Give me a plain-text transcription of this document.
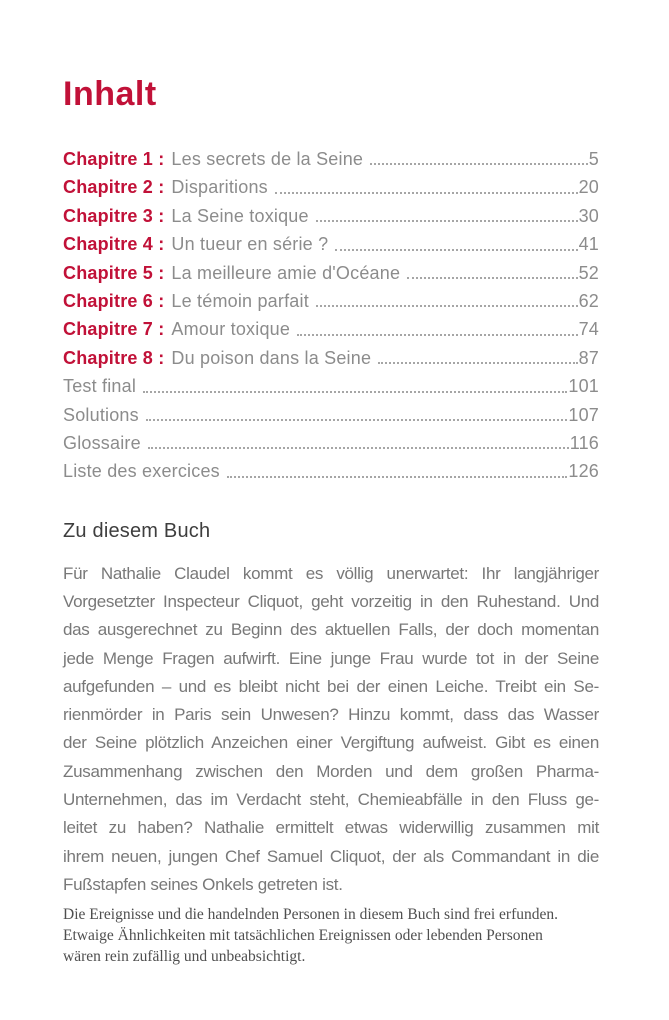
Inhalt
Chapitre 1 : Les secrets de la Seine	5
Chapitre 2 : Disparitions	20
Chapitre 3 : La Seine toxique	30
Chapitre 4 : Un tueur en série ?	41
Chapitre 5 : La meilleure amie d'Océane	52
Chapitre 6 : Le témoin parfait	62
Chapitre 7 : Amour toxique	74
Chapitre 8 : Du poison dans la Seine	87
Test final	101
Solutions	107
Glossaire	116
Liste des exercices	126
Zu diesem Buch
Für Nathalie Claudel kommt es völlig unerwartet: Ihr langjähriger
Vorgesetzter Inspecteur Cliquot, geht vorzeitig in den Ruhestand. Und
das ausgerechnet zu Beginn des aktuellen Falls, der doch momentan
jede Menge Fragen aufwirft. Eine junge Frau wurde tot in der Seine
aufgefunden – und es bleibt nicht bei der einen Leiche. Treibt ein Se-
rienmörder in Paris sein Unwesen? Hinzu kommt, dass das Wasser
der Seine plötzlich Anzeichen einer Vergiftung aufweist. Gibt es einen
Zusammenhang zwischen den Morden und dem großen Pharma-
Unternehmen, das im Verdacht steht, Chemieabfälle in den Fluss ge-
leitet zu haben? Nathalie ermittelt etwas widerwillig zusammen mit
ihrem neuen, jungen Chef Samuel Cliquot, der als Commandant in die
Fußstapfen seines Onkels getreten ist.
Die Ereignisse und die handelnden Personen in diesem Buch sind frei erfunden.
Etwaige Ähnlichkeiten mit tatsächlichen Ereignissen oder lebenden Personen
wären rein zufällig und unbeabsichtigt.
